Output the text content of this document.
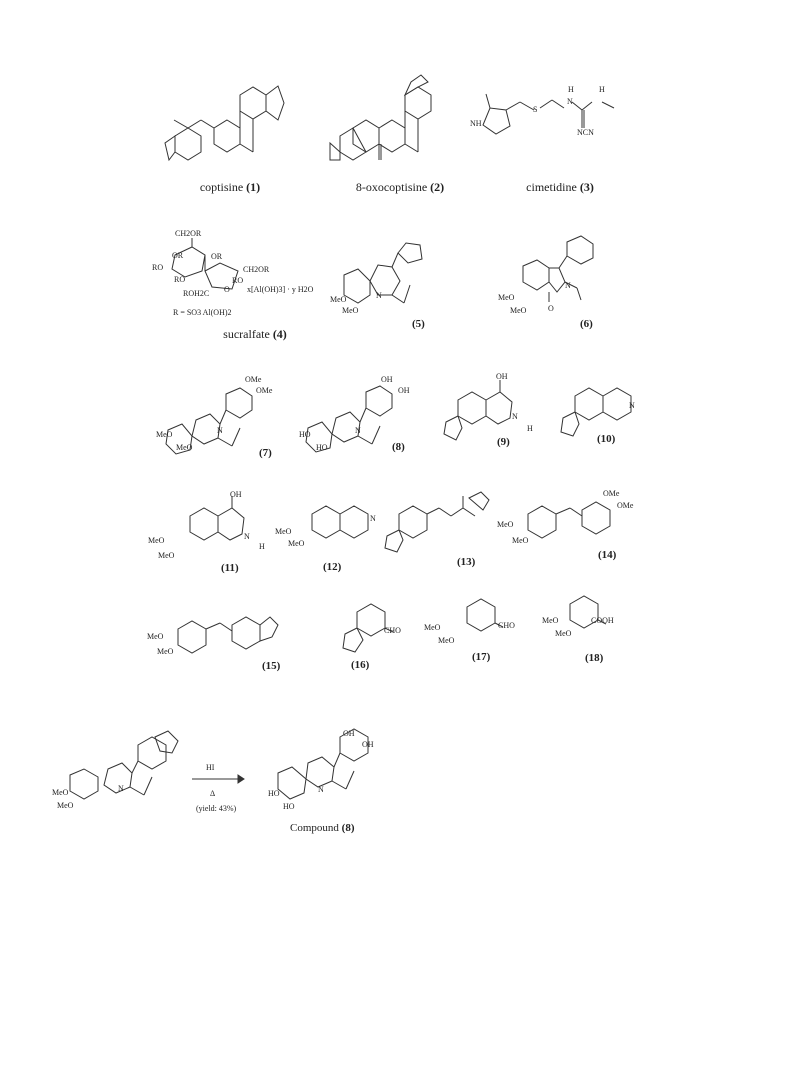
coptisine (1)	8-oxocoptisine (2)
NH
S
N
H	H
NCN
cimetidine (3)
CH2OR
OR	OR
RO
RO
CH2OR
RO
ROH2C O x[Al(OH)3] · y H2O
R = SO3 Al(OH)2
sucralfate (4)
MeO
MeO
N
(5)
MeO
MeO
N
O
(6)
OMe
OMe
MeO
MeO
N
(7)
OH
OH
HO
HO
N
(8)
OH
N
H
(9)
N
(10)
OH
MeO
MeO
N
H
(11)
MeO
MeO
N
(12)	(13)
OMe
OMe
MeO
MeO
(14)
MeO
MeO
(15)
CHO
(16)
MeO
MeO
CHO
(17)
MeO
MeO
COOH
(18)
MeO
MeO
N
HI
Δ
(yield: 43%)
OH
OH
HO
HO
N
Compound (8)
